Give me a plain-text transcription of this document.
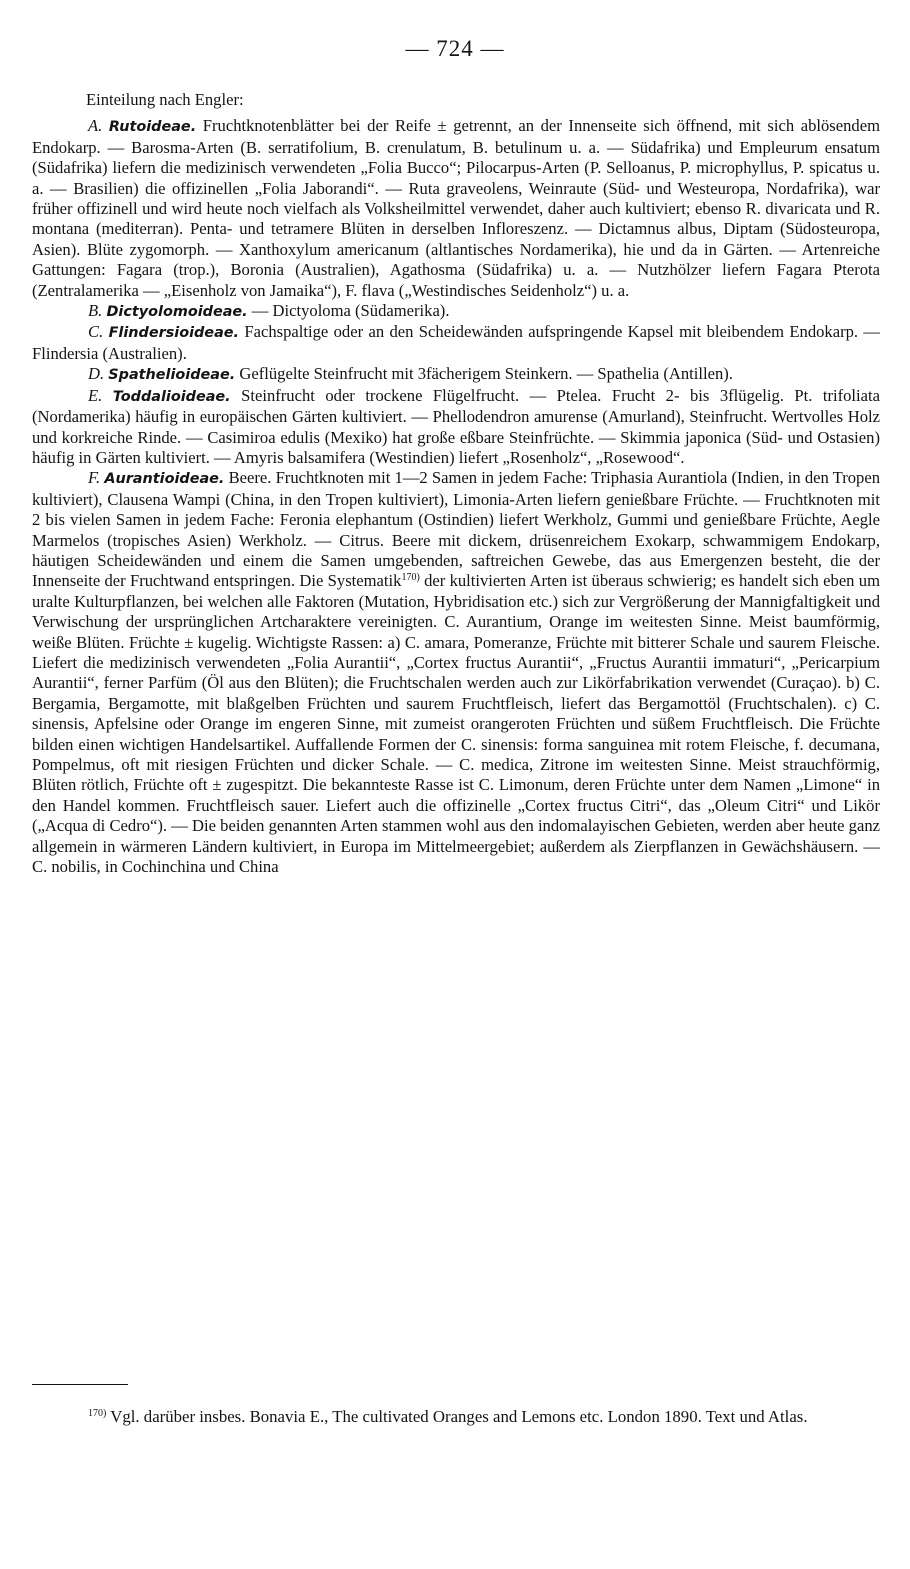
— 724 —

Einteilung nach Engler:

A. Rutoideae. Fruchtknotenblätter bei der Reife ± getrennt, an der Innenseite sich öffnend, mit sich ablösendem Endokarp. — Barosma-Arten (B. serratifolium, B. crenulatum, B. betulinum u. a. — Südafrika) und Empleurum ensatum (Südafrika) liefern die medizinisch verwendeten „Folia Bucco“; Pilocarpus-Arten (P. Selloanus, P. microphyllus, P. spicatus u. a. — Brasilien) die offizinellen „Folia Jaborandi“. — Ruta graveolens, Weinraute (Süd- und Westeuropa, Nordafrika), war früher offizinell und wird heute noch vielfach als Volksheilmittel verwendet, daher auch kultiviert; ebenso R. divaricata und R. montana (mediterran). Penta- und tetramere Blüten in derselben Infloreszenz. — Dictamnus albus, Diptam (Südosteuropa, Asien). Blüte zygomorph. — Xanthoxylum americanum (altlantisches Nordamerika), hie und da in Gärten. — Artenreiche Gattungen: Fagara (trop.), Boronia (Australien), Agathosma (Südafrika) u. a. — Nutzhölzer liefern Fagara Pterota (Zentralamerika — „Eisenholz von Jamaika“), F. flava („Westindisches Seidenholz“) u. a.

B. Dictyolomoideae. — Dictyoloma (Südamerika).

C. Flindersioideae. Fachspaltige oder an den Scheidewänden aufspringende Kapsel mit bleibendem Endokarp. — Flindersia (Australien).

D. Spathelioideae. Geflügelte Steinfrucht mit 3fächerigem Steinkern. — Spathelia (Antillen).

E. Toddalioideae. Steinfrucht oder trockene Flügelfrucht. — Ptelea. Frucht 2- bis 3flügelig. Pt. trifoliata (Nordamerika) häufig in europäischen Gärten kultiviert. — Phellodendron amurense (Amurland), Steinfrucht. Wertvolles Holz und korkreiche Rinde. — Casimiroa edulis (Mexiko) hat große eßbare Steinfrüchte. — Skimmia japonica (Süd- und Ostasien) häufig in Gärten kultiviert. — Amyris balsamifera (Westindien) liefert „Rosenholz“, „Rosewood“.

F. Aurantioideae. Beere. Fruchtknoten mit 1—2 Samen in jedem Fache: Triphasia Aurantiola (Indien, in den Tropen kultiviert), Clausena Wampi (China, in den Tropen kultiviert), Limonia-Arten liefern genießbare Früchte. — Fruchtknoten mit 2 bis vielen Samen in jedem Fache: Feronia elephantum (Ostindien) liefert Werkholz, Gummi und genießbare Früchte, Aegle Marmelos (tropisches Asien) Werkholz. — Citrus. Beere mit dickem, drüsenreichem Exokarp, schwammigem Endokarp, häutigen Scheidewänden und einem die Samen umgebenden, saftreichen Gewebe, das aus Emergenzen besteht, die der Innenseite der Fruchtwand entspringen. Die Systematik$^{170)}$ der kultivierten Arten ist überaus schwierig; es handelt sich eben um uralte Kulturpflanzen, bei welchen alle Faktoren (Mutation, Hybridisation etc.) sich zur Vergrößerung der Mannigfaltigkeit und Verwischung der ursprünglichen Artcharaktere vereinigten. C. Aurantium, Orange im weitesten Sinne. Meist baumförmig, weiße Blüten. Früchte ± kugelig. Wichtigste Rassen: a) C. amara, Pomeranze, Früchte mit bitterer Schale und saurem Fleische. Liefert die medizinisch verwendeten „Folia Aurantii“, „Cortex fructus Aurantii“, „Fructus Aurantii immaturi“, „Pericarpium Aurantii“, ferner Parfüm (Öl aus den Blüten); die Fruchtschalen werden auch zur Likörfabrikation verwendet (Curaçao). b) C. Bergamia, Bergamotte, mit blaßgelben Früchten und saurem Fruchtfleisch, liefert das Bergamottöl (Fruchtschalen). c) C. sinensis, Apfelsine oder Orange im engeren Sinne, mit zumeist orangeroten Früchten und süßem Fruchtfleisch. Die Früchte bilden einen wichtigen Handelsartikel. Auffallende Formen der C. sinensis: forma sanguinea mit rotem Fleische, f. decumana, Pompelmus, oft mit riesigen Früchten und dicker Schale. — C. medica, Zitrone im weitesten Sinne. Meist strauchförmig, Blüten rötlich, Früchte oft ± zugespitzt. Die bekannteste Rasse ist C. Limonum, deren Früchte unter dem Namen „Limone“ in den Handel kommen. Fruchtfleisch sauer. Liefert auch die offizinelle „Cortex fructus Citri“, das „Oleum Citri“ und Likör („Acqua di Cedro“). — Die beiden genannten Arten stammen wohl aus den indomalayischen Gebieten, werden aber heute ganz allgemein in wärmeren Ländern kultiviert, in Europa im Mittelmeergebiet; außerdem als Zierpflanzen in Gewächshäusern. — C. nobilis, in Cochinchina und China

$^{170)}$ Vgl. darüber insbes. Bonavia E., The cultivated Oranges and Lemons etc. London 1890. Text und Atlas.
